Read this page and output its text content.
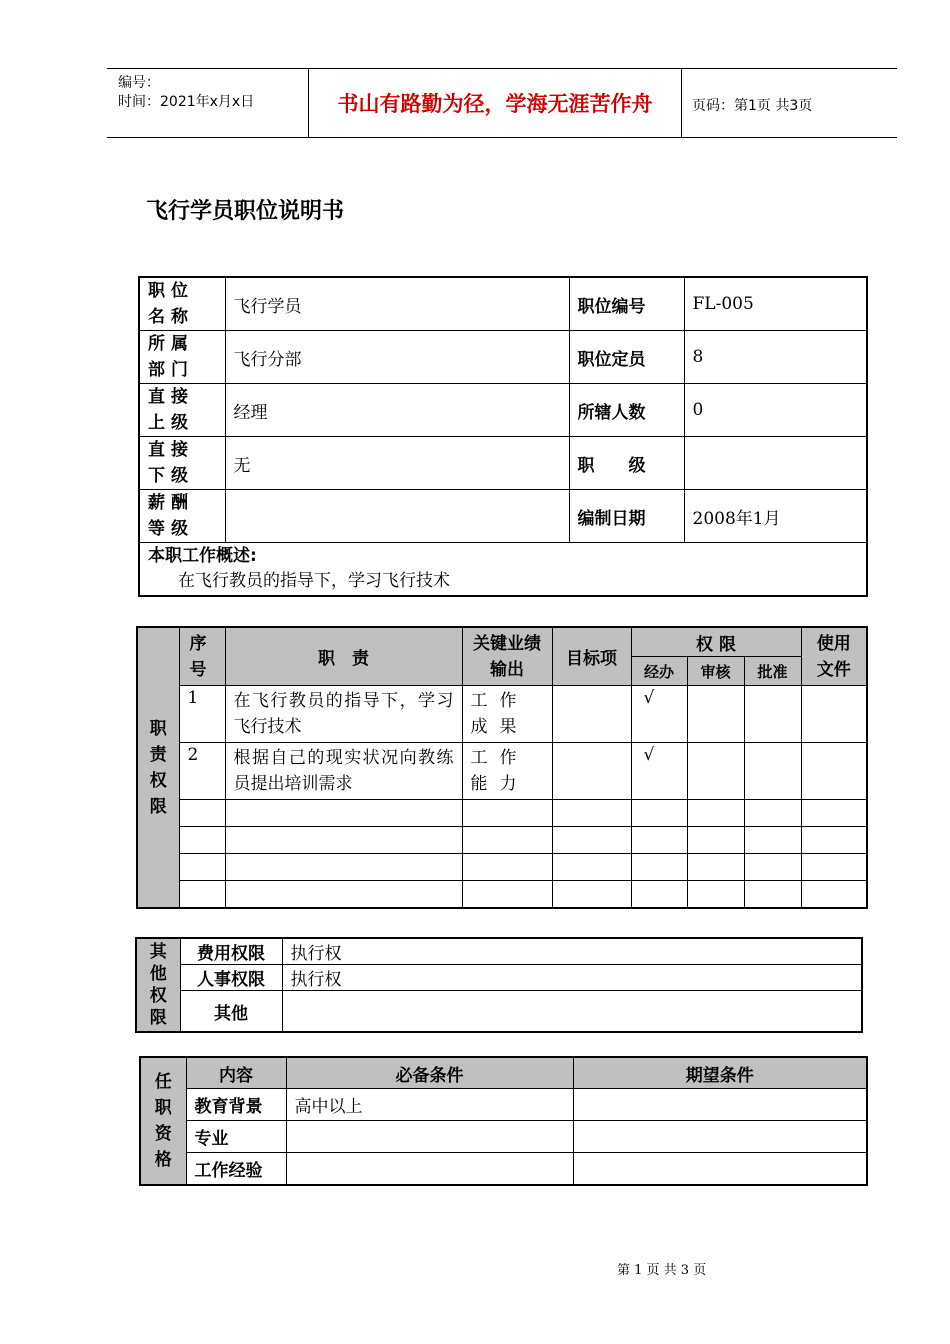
编号：
时间：2021年x月x日	书山有路勤为径，学海无涯苦作舟	页码：第1页 共3页
飞行学员职位说明书
职位名称	飞行学员	职位编号	FL-005
所属部门	飞行分部	职位定员	8
直接上级	经理	所辖人数	0
直接下级	无	职　　级	
薪酬等级		编制日期	2008年1月

本职工作概述:
在飞行教员的指导下，学习飞行技术			
职责权限	序号	职　责	关键业绩输出	目标项	权 限			使用文件
					经办	审核	批准	
	1	在飞行教员的指导下，学习飞行技术	工作成果		√			
	2	根据自己的现实状况向教练员提出培训需求	工作能力		√			

其他权限	费用权限	执行权
	人事权限	执行权
	其他	
任职资格	内容	必备条件	期望条件
	教育背景	高中以上	
	专业		
	工作经验		
第 1 页 共 3 页
